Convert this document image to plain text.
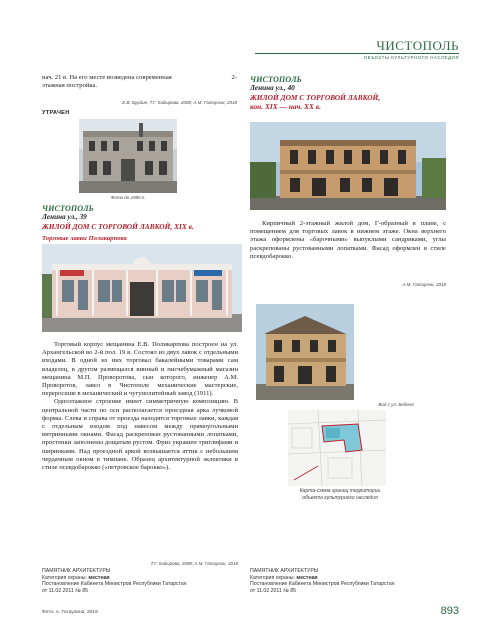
ЧИСТОПОЛЬ
ОБЪЕКТЫ КУЛЬТУРНОГО НАСЛЕДИЯ
нач. 21 в. На его месте возведена современная	2-

этажная постройка.
Е.В. Бурдин, Т.Г. Кадырова, 2008; А.М. Гатаулин, 2018
УТРАЧЕН
Фото до 1990 г.
ЧИСТОПОЛЬ
Ленина ул., 39
ЖИЛОЙ ДОМ С ТОРГОВОЙ ЛАВКОЙ, XIX в.
Торговые лавки Поликарпова
Торговый корпус мещанина Е.В. Поликарпова построен на ул. Архангельской во 2-й пол. 19 в. Состоял из двух лавок с отдельными входами. В одной из них торговал бакалейными товарами сам владелец, в другом размещался винный и писчебумажный магазин мещанина М.П. Проворотова, сын которого, инженер А.М. Проворотов, завел в Чистополе механические мастерские, переросшие в механический и чугунолитейный завод (1911).
Одноэтажное строение имеет симметричную композицию. В центральной части по оси располагается проездная арка лучковой формы. Слева и справа от проезда находятся торговые лавки, каждая с отдельным входом под навесом между прямоугольными витринными окнами. Фасад раскрепован рустованными лопатками, простенки заполнены дощатым рустом. Фриз украшен триглифами и ширинками. Над проездной аркой возвышается аттик с небольшим чердачным окном в тимпане. Образец архитектурной эклектики в стиле псевдобарокко («петровское барокко»).
Т.Г. Кадырова, 2008; А.М. Гатаулин, 2018
ПАМЯТНИК АРХИТЕКТУРЫ
Категория охраны: местная
Постановление Кабинета Министров Республики Татарстан
от 11.02.2011 № 85
ЧИСТОПОЛЬ
Ленина ул., 40
ЖИЛОЙ ДОМ С ТОРГОВОЙ ЛАВКОЙ,
кон. XIX — нач. XX в.
Кирпичный 2-этажный жилой дом, Г-образный в плане, с помещением для торговых лавок в нижнем этаже. Окна верхнего этажа оформлены «барочными» выпуклыми сандриками, углы раскрепованы рустованными лопатками. Фасад оформлен в стиле псевдобарокко.
А.М. Гатаулин, 2018
Вид с ул. Бебеля
Карта-схема границ территории
объекта культурного наследия
ПАМЯТНИК АРХИТЕКТУРЫ
Категория охраны: местная
Постановление Кабинета Министров Республики Татарстан
от 11.02.2011 № 85
Фото: А. Гатаулина, 2019	893
